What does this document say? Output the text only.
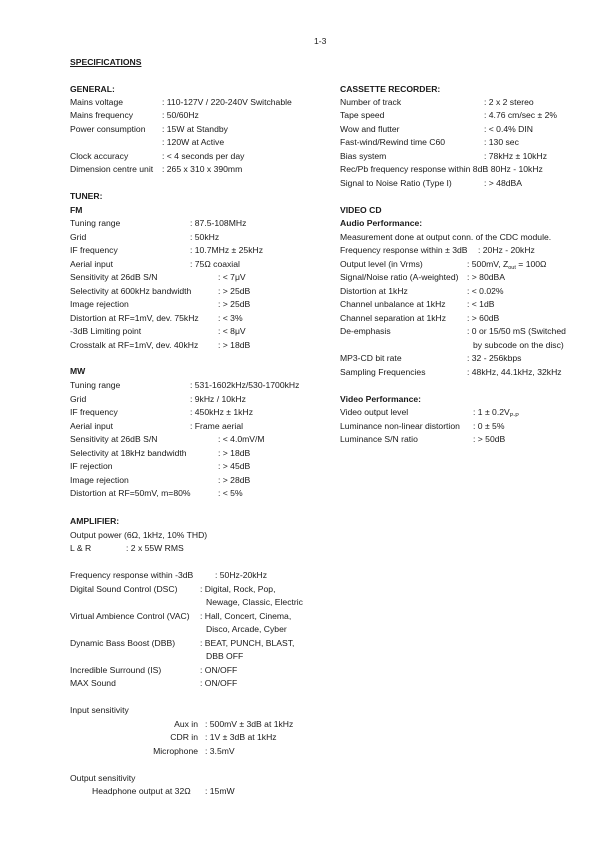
1-3
SPECIFICATIONS
GENERAL:
Mains voltage	: 110-127V / 220-240V Switchable
Mains frequency	: 50/60Hz
Power consumption : 15W at Standby
: 120W at Active
Clock accuracy	: < 4 seconds per day
Dimension centre unit : 265 x 310 x 390mm
TUNER:
FM
Tuning range	: 87.5-108MHz
Grid	: 50kHz
IF frequency	: 10.7MHz ± 25kHz
Aerial input	: 75Ω coaxial
Sensitivity at 26dB S/N	: < 7μV
Selectivity at 600kHz bandwidth	: > 25dB
Image rejection	: > 25dB
Distortion at RF=1mV, dev. 75kHz : < 3%
-3dB Limiting point	: < 8μV
Crosstalk at RF=1mV, dev. 40kHz : > 18dB
MW
Tuning range	: 531-1602kHz/530-1700kHz
Grid	: 9kHz / 10kHz
IF frequency	: 450kHz ± 1kHz
Aerial input	: Frame aerial
Sensitivity at 26dB S/N	: < 4.0mV/M
Selectivity at 18kHz bandwidth	: > 18dB
IF rejection	: > 45dB
Image rejection	: > 28dB
Distortion at RF=50mV, m=80%	: < 5%
AMPLIFIER:
Output power (6Ω, 1kHz, 10% THD)
L & R	: 2 x 55W RMS
Frequency response within -3dB	: 50Hz-20kHz
Digital Sound Control (DSC)	: Digital, Rock, Pop,
Newage, Classic, Electric
Virtual Ambience Control (VAC) : Hall, Concert, Cinema,
Disco, Arcade, Cyber
Dynamic Bass Boost (DBB)	: BEAT, PUNCH, BLAST,
DBB OFF
Incredible Surround (IS)	: ON/OFF
MAX Sound	: ON/OFF
Input sensitivity
Aux in : 500mV ± 3dB at 1kHz
CDR in : 1V ± 3dB at 1kHz
Microphone : 3.5mV
Output sensitivity
Headphone output at 32Ω : 15mW
CASSETTE RECORDER:
Number of track	: 2 x 2 stereo
Tape speed	: 4.76 cm/sec ± 2%
Wow and flutter	: < 0.4% DIN
Fast-wind/Rewind time C60	: 130 sec
Bias system	: 78kHz ± 10kHz
Rec/Pb frequency response within 8dB
: 80Hz - 10kHz
Signal to Noise Ratio (Type I)	: > 48dBA
VIDEO CD
Audio Performance:
Measurement done at output conn. of the CDC module.
Frequency response within ± 3dB : 20Hz - 20kHz
Output level (in Vrms)	: 500mV, $Z_{out} = 100\Omega$
Signal/Noise ratio (A-weighted) : > 80dBA
Distortion at 1kHz	: < 0.02%
Channel unbalance at 1kHz : < 1dB
Channel separation at 1kHz : > 60dB
De-emphasis	: 0 or 15/50 mS (Switched
by subcode on the disc)
MP3-CD bit rate	: 32 - 256kbps
Sampling Frequencies	: 48kHz, 44.1kHz, 32kHz
Video Performance:
Video output level	: $1 \pm 0.2V_{P-P}$
Luminance non-linear distortion : 0 ± 5%
Luminance S/N ratio	: > 50dB
